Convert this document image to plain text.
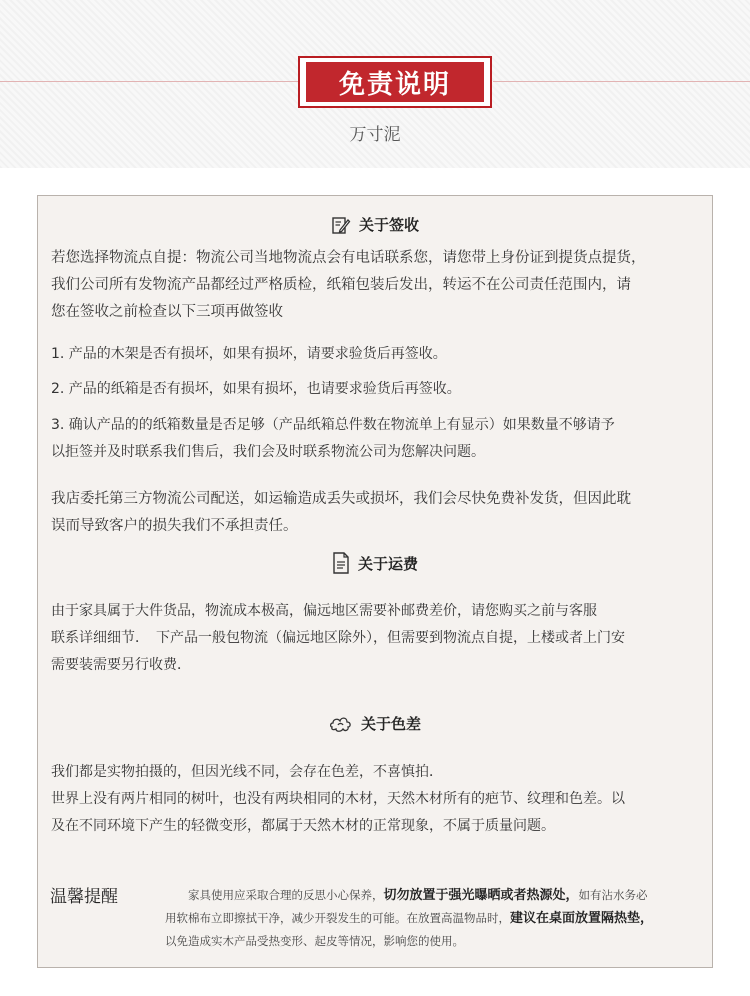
免责说明
万寸泥
关于签收
若您选择物流点自提：物流公司当地物流点会有电话联系您，请您带上身份证到提货点提货，
我们公司所有发物流产品都经过严格质检，纸箱包装后发出，转运不在公司责任范围内，请
您在签收之前检查以下三项再做签收
1. 产品的木架是否有损坏，如果有损坏，请要求验货后再签收。
2. 产品的纸箱是否有损坏，如果有损坏，也请要求验货后再签收。
3. 确认产品的的纸箱数量是否足够（产品纸箱总件数在物流单上有显示）如果数量不够请予
以拒签并及时联系我们售后，我们会及时联系物流公司为您解决问题。
我店委托第三方物流公司配送，如运输造成丢失或损坏，我们会尽快免费补发货，但因此耽
误而导致客户的损失我们不承担责任。
关于运费
由于家具属于大件货品，物流成本极高，偏远地区需要补邮费差价，请您购买之前与客服
联系详细细节．　下产品一般包物流（偏远地区除外），但需要到物流点自提，上楼或者上门安
需要装需要另行收费．
关于色差
我们都是实物拍摄的，但因光线不同，会存在色差，不喜慎拍．
世界上没有两片相同的树叶，也没有两块相同的木材，天然木材所有的疤节、纹理和色差。以
及在不同环境下产生的轻微变形，都属于天然木材的正常现象，不属于质量问题。
温馨提醒	　　家具使用应采取合理的反思小心保养，切勿放置于强光曝晒或者热源处，如有沾水务必
用软棉布立即擦拭干净，减少开裂发生的可能。在放置高温物品时，建议在桌面放置隔热垫，
以免造成实木产品受热变形、起皮等情况，影响您的使用。
